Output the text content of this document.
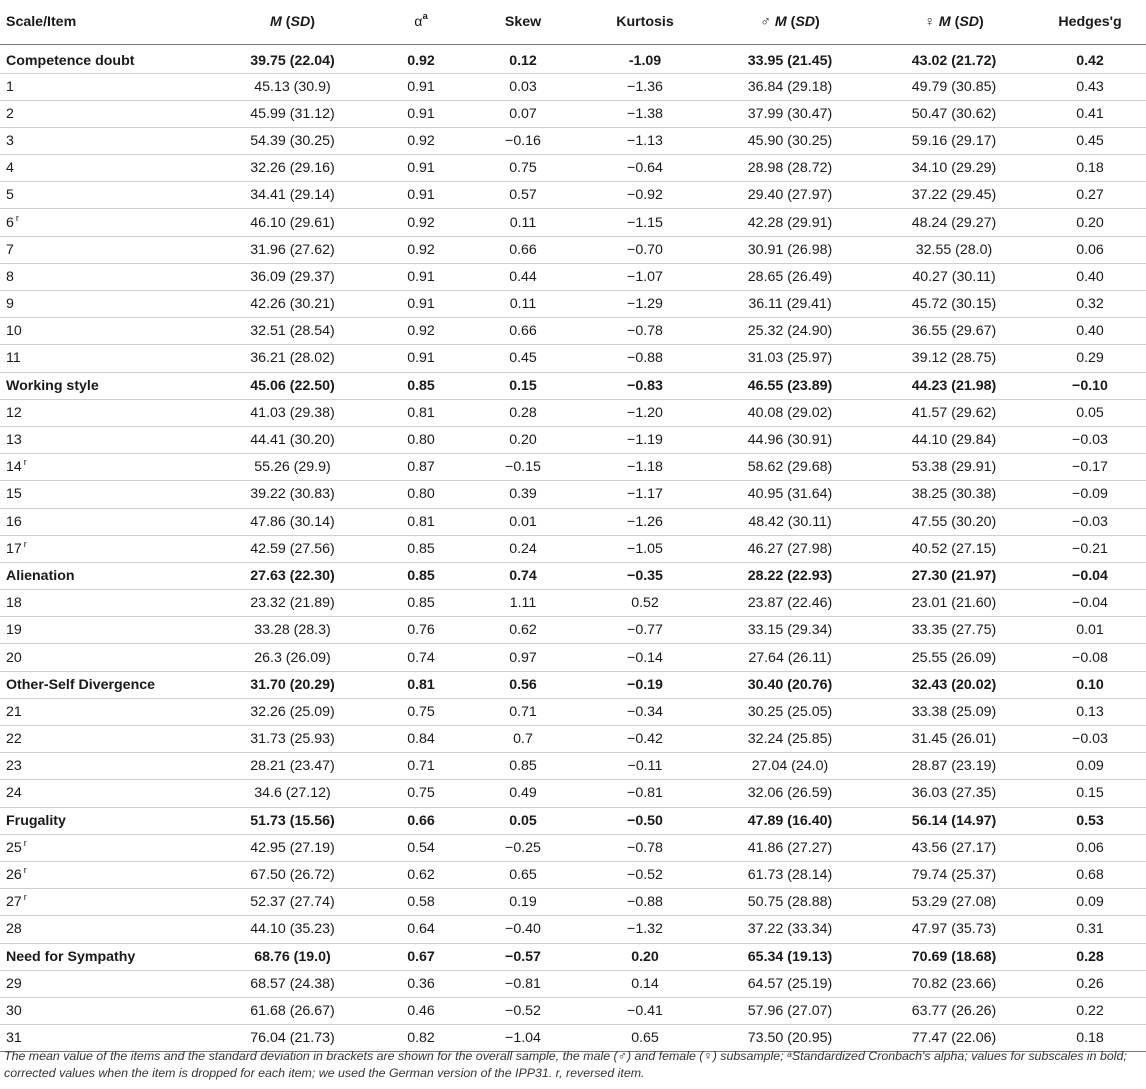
Scale/Item	M (SD)	$\alpha^a$	Skew	Kurtosis	♂ M (SD)	♀ M (SD)	Hedges'g
Competence doubt	39.75 (22.04)	0.92	0.12	-1.09	33.95 (21.45)	43.02 (21.72)	0.42
1	45.13 (30.9)	0.91	0.03	−1.36	36.84 (29.18)	49.79 (30.85)	0.43
2	45.99 (31.12)	0.91	0.07	−1.38	37.99 (30.47)	50.47 (30.62)	0.41
3	54.39 (30.25)	0.92	−0.16	−1.13	45.90 (30.25)	59.16 (29.17)	0.45
4	32.26 (29.16)	0.91	0.75	−0.64	28.98 (28.72)	34.10 (29.29)	0.18
5	34.41 (29.14)	0.91	0.57	−0.92	29.40 (27.97)	37.22 (29.45)	0.27
6 $^r$	46.10 (29.61)	0.92	0.11	−1.15	42.28 (29.91)	48.24 (29.27)	0.20
7	31.96 (27.62)	0.92	0.66	−0.70	30.91 (26.98)	32.55 (28.0)	0.06
8	36.09 (29.37)	0.91	0.44	−1.07	28.65 (26.49)	40.27 (30.11)	0.40
9	42.26 (30.21)	0.91	0.11	−1.29	36.11 (29.41)	45.72 (30.15)	0.32
10	32.51 (28.54)	0.92	0.66	−0.78	25.32 (24.90)	36.55 (29.67)	0.40
11	36.21 (28.02)	0.91	0.45	−0.88	31.03 (25.97)	39.12 (28.75)	0.29
Working style	45.06 (22.50)	0.85	0.15	−0.83	46.55 (23.89)	44.23 (21.98)	−0.10
12	41.03 (29.38)	0.81	0.28	−1.20	40.08 (29.02)	41.57 (29.62)	0.05
13	44.41 (30.20)	0.80	0.20	−1.19	44.96 (30.91)	44.10 (29.84)	−0.03
14 $^r$	55.26 (29.9)	0.87	−0.15	−1.18	58.62 (29.68)	53.38 (29.91)	−0.17
15	39.22 (30.83)	0.80	0.39	−1.17	40.95 (31.64)	38.25 (30.38)	−0.09
16	47.86 (30.14)	0.81	0.01	−1.26	48.42 (30.11)	47.55 (30.20)	−0.03
17 $^r$	42.59 (27.56)	0.85	0.24	−1.05	46.27 (27.98)	40.52 (27.15)	−0.21
Alienation	27.63 (22.30)	0.85	0.74	−0.35	28.22 (22.93)	27.30 (21.97)	−0.04
18	23.32 (21.89)	0.85	1.11	0.52	23.87 (22.46)	23.01 (21.60)	−0.04
19	33.28 (28.3)	0.76	0.62	−0.77	33.15 (29.34)	33.35 (27.75)	0.01
20	26.3 (26.09)	0.74	0.97	−0.14	27.64 (26.11)	25.55 (26.09)	−0.08
Other-Self Divergence	31.70 (20.29)	0.81	0.56	−0.19	30.40 (20.76)	32.43 (20.02)	0.10
21	32.26 (25.09)	0.75	0.71	−0.34	30.25 (25.05)	33.38 (25.09)	0.13
22	31.73 (25.93)	0.84	0.7	−0.42	32.24 (25.85)	31.45 (26.01)	−0.03
23	28.21 (23.47)	0.71	0.85	−0.11	27.04 (24.0)	28.87 (23.19)	0.09
24	34.6 (27.12)	0.75	0.49	−0.81	32.06 (26.59)	36.03 (27.35)	0.15
Frugality	51.73 (15.56)	0.66	0.05	−0.50	47.89 (16.40)	56.14 (14.97)	0.53
25 $^r$	42.95 (27.19)	0.54	−0.25	−0.78	41.86 (27.27)	43.56 (27.17)	0.06
26 $^r$	67.50 (26.72)	0.62	0.65	−0.52	61.73 (28.14)	79.74 (25.37)	0.68
27 $^r$	52.37 (27.74)	0.58	0.19	−0.88	50.75 (28.88)	53.29 (27.08)	0.09
28	44.10 (35.23)	0.64	−0.40	−1.32	37.22 (33.34)	47.97 (35.73)	0.31
Need for Sympathy	68.76 (19.0)	0.67	−0.57	0.20	65.34 (19.13)	70.69 (18.68)	0.28
29	68.57 (24.38)	0.36	−0.81	0.14	64.57 (25.19)	70.82 (23.66)	0.26
30	61.68 (26.67)	0.46	−0.52	−0.41	57.96 (27.07)	63.77 (26.26)	0.22
31	76.04 (21.73)	0.82	−1.04	0.65	73.50 (20.95)	77.47 (22.06)	0.18
The mean value of the items and the standard deviation in brackets are shown for the overall sample, the male (♂) and female (♀) subsample; $^a$Standardized Cronbach's alpha; values for subscales in bold; corrected values when the item is dropped for each item; we used the German version of the IPP31. r, reversed item.
